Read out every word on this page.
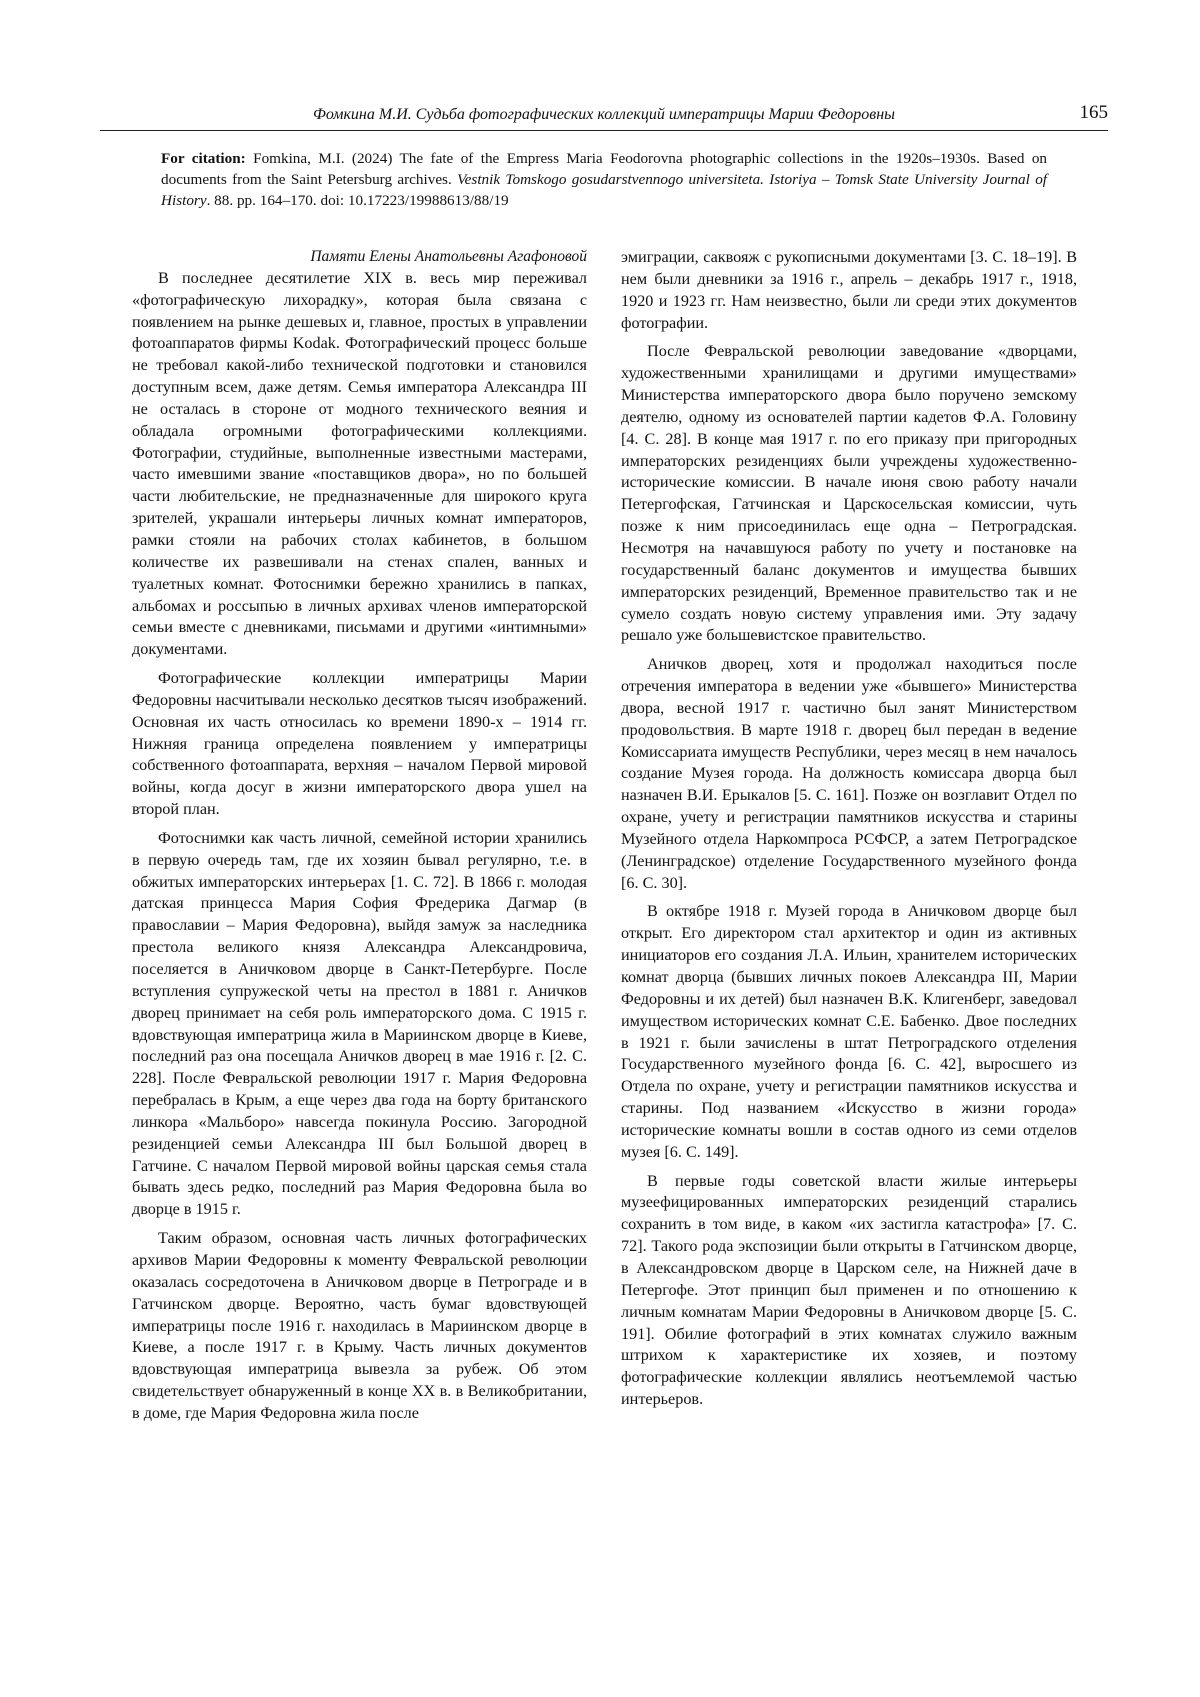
Фомкина М.И. Судьба фотографических коллекций императрицы Марии Федоровны	165
For citation: Fomkina, M.I. (2024) The fate of the Empress Maria Feodorovna photographic collections in the 1920s–1930s. Based on documents from the Saint Petersburg archives. Vestnik Tomskogo gosudarstvennogo universiteta. Istoriya – Tomsk State University Journal of History. 88. pp. 164–170. doi: 10.17223/19988613/88/19
Памяти Елены Анатольевны Агафоновой

В последнее десятилетие XIX в. весь мир переживал «фотографическую лихорадку», которая была связана с появлением на рынке дешевых и, главное, простых в управлении фотоаппаратов фирмы Kodak. Фотографический процесс больше не требовал какой-либо технической подготовки и становился доступным всем, даже детям. Семья императора Александра III не осталась в стороне от модного технического веяния и обладала огромными фотографическими коллекциями. Фотографии, студийные, выполненные известными мастерами, часто имевшими звание «поставщиков двора», но по большей части любительские, не предназначенные для широкого круга зрителей, украшали интерьеры личных комнат императоров, рамки стояли на рабочих столах кабинетов, в большом количестве их развешивали на стенах спален, ванных и туалетных комнат. Фотоснимки бережно хранились в папках, альбомах и россыпью в личных архивах членов императорской семьи вместе с дневниками, письмами и другими «интимными» документами.

Фотографические коллекции императрицы Марии Федоровны насчитывали несколько десятков тысяч изображений. Основная их часть относилась ко времени 1890-х – 1914 гг. Нижняя граница определена появлением у императрицы собственного фотоаппарата, верхняя – началом Первой мировой войны, когда досуг в жизни императорского двора ушел на второй план.

Фотоснимки как часть личной, семейной истории хранились в первую очередь там, где их хозяин бывал регулярно, т.е. в обжитых императорских интерьерах [1. С. 72]. В 1866 г. молодая датская принцесса Мария София Фредерика Дагмар (в православии – Мария Федоровна), выйдя замуж за наследника престола великого князя Александра Александровича, поселяется в Аничковом дворце в Санкт-Петербурге. После вступления супружеской четы на престол в 1881 г. Аничков дворец принимает на себя роль императорского дома. С 1915 г. вдовствующая императрица жила в Мариинском дворце в Киеве, последний раз она посещала Аничков дворец в мае 1916 г. [2. С. 228]. После Февральской революции 1917 г. Мария Федоровна перебралась в Крым, а еще через два года на борту британского линкора «Мальборо» навсегда покинула Россию. Загородной резиденцией семьи Александра III был Большой дворец в Гатчине. С началом Первой мировой войны царская семья стала бывать здесь редко, последний раз Мария Федоровна была во дворце в 1915 г.

Таким образом, основная часть личных фотографических архивов Марии Федоровны к моменту Февральской революции оказалась сосредоточена в Аничковом дворце в Петрограде и в Гатчинском дворце. Вероятно, часть бумаг вдовствующей императрицы после 1916 г. находилась в Мариинском дворце в Киеве, а после 1917 г. в Крыму. Часть личных документов вдовствующая императрица вывезла за рубеж. Об этом свидетельствует обнаруженный в конце XX в. в Великобритании, в доме, где Мария Федоровна жила после

эмиграции, саквояж с рукописными документами [3. С. 18–19]. В нем были дневники за 1916 г., апрель – декабрь 1917 г., 1918, 1920 и 1923 гг. Нам неизвестно, были ли среди этих документов фотографии.

После Февральской революции заведование «дворцами, художественными хранилищами и другими имуществами» Министерства императорского двора было поручено земскому деятелю, одному из основателей партии кадетов Ф.А. Головину [4. С. 28]. В конце мая 1917 г. по его приказу при пригородных императорских резиденциях были учреждены художественно-исторические комиссии. В начале июня свою работу начали Петергофская, Гатчинская и Царскосельская комиссии, чуть позже к ним присоединилась еще одна – Петроградская. Несмотря на начавшуюся работу по учету и постановке на государственный баланс документов и имущества бывших императорских резиденций, Временное правительство так и не сумело создать новую систему управления ими. Эту задачу решало уже большевистское правительство.

Аничков дворец, хотя и продолжал находиться после отречения императора в ведении уже «бывшего» Министерства двора, весной 1917 г. частично был занят Министерством продовольствия. В марте 1918 г. дворец был передан в ведение Комиссариата имуществ Республики, через месяц в нем началось создание Музея города. На должность комиссара дворца был назначен В.И. Ерыкалов [5. С. 161]. Позже он возглавит Отдел по охране, учету и регистрации памятников искусства и старины Музейного отдела Наркомпроса РСФСР, а затем Петроградское (Ленинградское) отделение Государственного музейного фонда [6. С. 30].

В октябре 1918 г. Музей города в Аничковом дворце был открыт. Его директором стал архитектор и один из активных инициаторов его создания Л.А. Ильин, хранителем исторических комнат дворца (бывших личных покоев Александра III, Марии Федоровны и их детей) был назначен В.К. Клигенберг, заведовал имуществом исторических комнат С.Е. Бабенко. Двое последних в 1921 г. были зачислены в штат Петроградского отделения Государственного музейного фонда [6. С. 42], выросшего из Отдела по охране, учету и регистрации памятников искусства и старины. Под названием «Искусство в жизни города» исторические комнаты вошли в состав одного из семи отделов музея [6. С. 149].

В первые годы советской власти жилые интерьеры музеефицированных императорских резиденций старались сохранить в том виде, в каком «их застигла катастрофа» [7. С. 72]. Такого рода экспозиции были открыты в Гатчинском дворце, в Александровском дворце в Царском селе, на Нижней даче в Петергофе. Этот принцип был применен и по отношению к личным комнатам Марии Федоровны в Аничковом дворце [5. С. 191]. Обилие фотографий в этих комнатах служило важным штрихом к характеристике их хозяев, и поэтому фотографические коллекции являлись неотъемлемой частью интерьеров.
